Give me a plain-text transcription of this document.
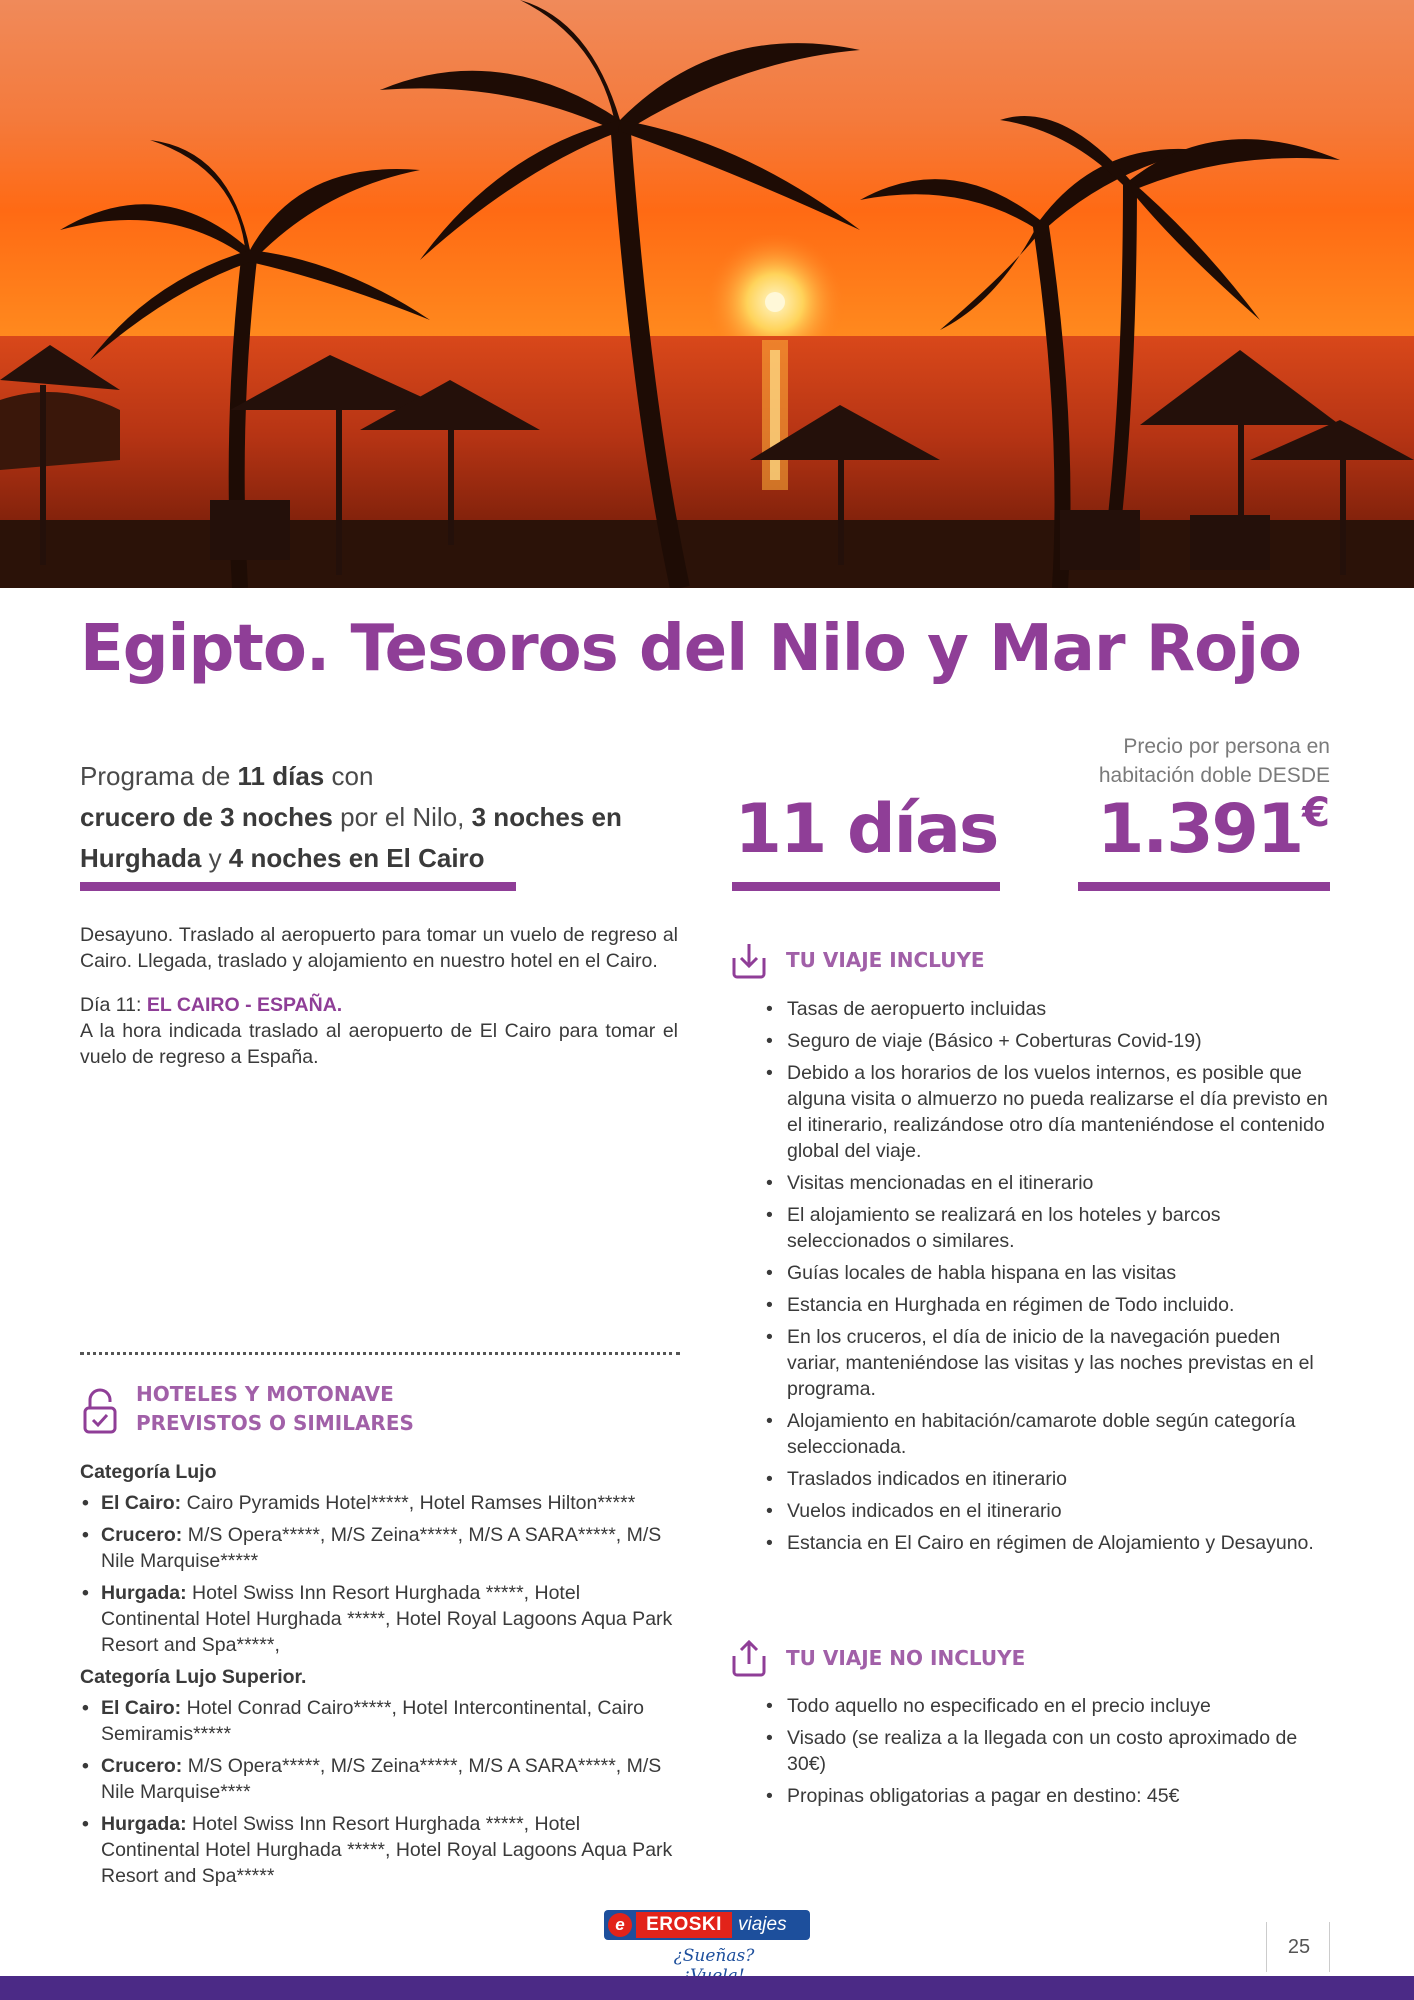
Egipto. Tesoros del Nilo y Mar Rojo
Programa de 11 días con
crucero de 3 noches por el Nilo, 3 noches en Hurghada y 4 noches en El Cairo	11 días
Precio por persona en
habitación doble DESDE
1.391€

Desayuno. Traslado al aeropuerto para tomar un vuelo de regreso al Cairo. Llegada, traslado y alojamiento en nuestro hotel en el Cairo.

Día 11: EL CAIRO - ESPAÑA.
A la hora indicada traslado al aeropuerto de El Cairo para tomar el vuelo de regreso a España.

HOTELES Y MOTONAVE
PREVISTOS O SIMILARES
Categoría Lujo
• El Cairo: Cairo Pyramids Hotel*****, Hotel Ramses Hilton*****
• Crucero: M/S Opera*****, M/S Zeina*****, M/S A SARA*****, M/S Nile Marquise*****
• Hurgada: Hotel Swiss Inn Resort Hurghada *****, Hotel Continental Hotel Hurghada *****, Hotel Royal Lagoons Aqua Park Resort and Spa*****,
Categoría Lujo Superior.
• El Cairo: Hotel Conrad Cairo*****, Hotel Intercontinental, Cairo Semiramis*****
• Crucero: M/S Opera*****, M/S Zeina*****, M/S A SARA*****, M/S Nile Marquise****
• Hurgada: Hotel Swiss Inn Resort Hurghada *****, Hotel Continental Hotel Hurghada *****, Hotel Royal Lagoons Aqua Park Resort and Spa*****
TU VIAJE INCLUYE
• Tasas de aeropuerto incluidas
• Seguro de viaje (Básico + Coberturas Covid-19)
• Debido a los horarios de los vuelos internos, es posible que alguna visita o almuerzo no pueda realizarse el día previsto en el itinerario, realizándose otro día manteniéndose el contenido global del viaje.
• Visitas mencionadas en el itinerario
• El alojamiento se realizará en los hoteles y barcos seleccionados o similares.
• Guías locales de habla hispana en las visitas
• Estancia en Hurghada en régimen de Todo incluido.
• En los cruceros, el día de inicio de la navegación pueden variar, manteniéndose las visitas y las noches previstas en el programa.
• Alojamiento en habitación/camarote doble según categoría seleccionada.
• Traslados indicados en itinerario
• Vuelos indicados en el itinerario
• Estancia en El Cairo en régimen de Alojamiento y Desayuno.
TU VIAJE NO INCLUYE
• Todo aquello no especificado en el precio incluye
• Visado (se realiza a la llegada con un costo aproximado de 30€)
• Propinas obligatorias a pagar en destino: 45€
e	EROSKI viajes
¿Sueñas?	25
